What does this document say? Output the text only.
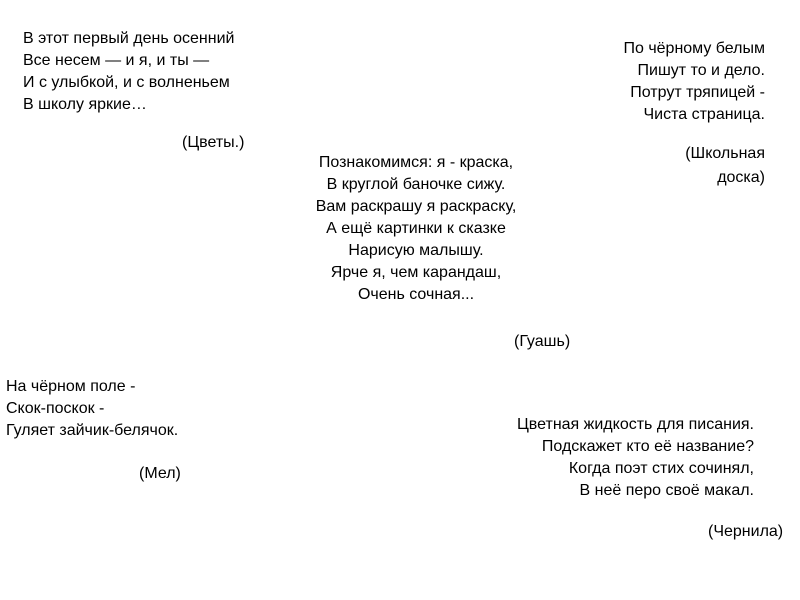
В этот первый день осенний
Все несем — и я, и ты —
И с улыбкой, и с волненьем
В школу яркие…
(Цветы.)
По чёрному белым
Пишут то и дело.
Потрут тряпицей -
Чиста страница.
(Школьная доска)
Познакомимся: я - краска,
В круглой баночке сижу.
Вам раскрашу я раскраску,
А ещё картинки к сказке
Нарисую малышу.
Ярче я, чем карандаш,
Очень сочная...
(Гуашь)
На чёрном поле -
Скок-поскок -
Гуляет зайчик-белячок.
(Мел)
Цветная жидкость для писания.
Подскажет кто её название?
Когда поэт стих сочинял,
В неё перо своё макал.
(Чернила)
